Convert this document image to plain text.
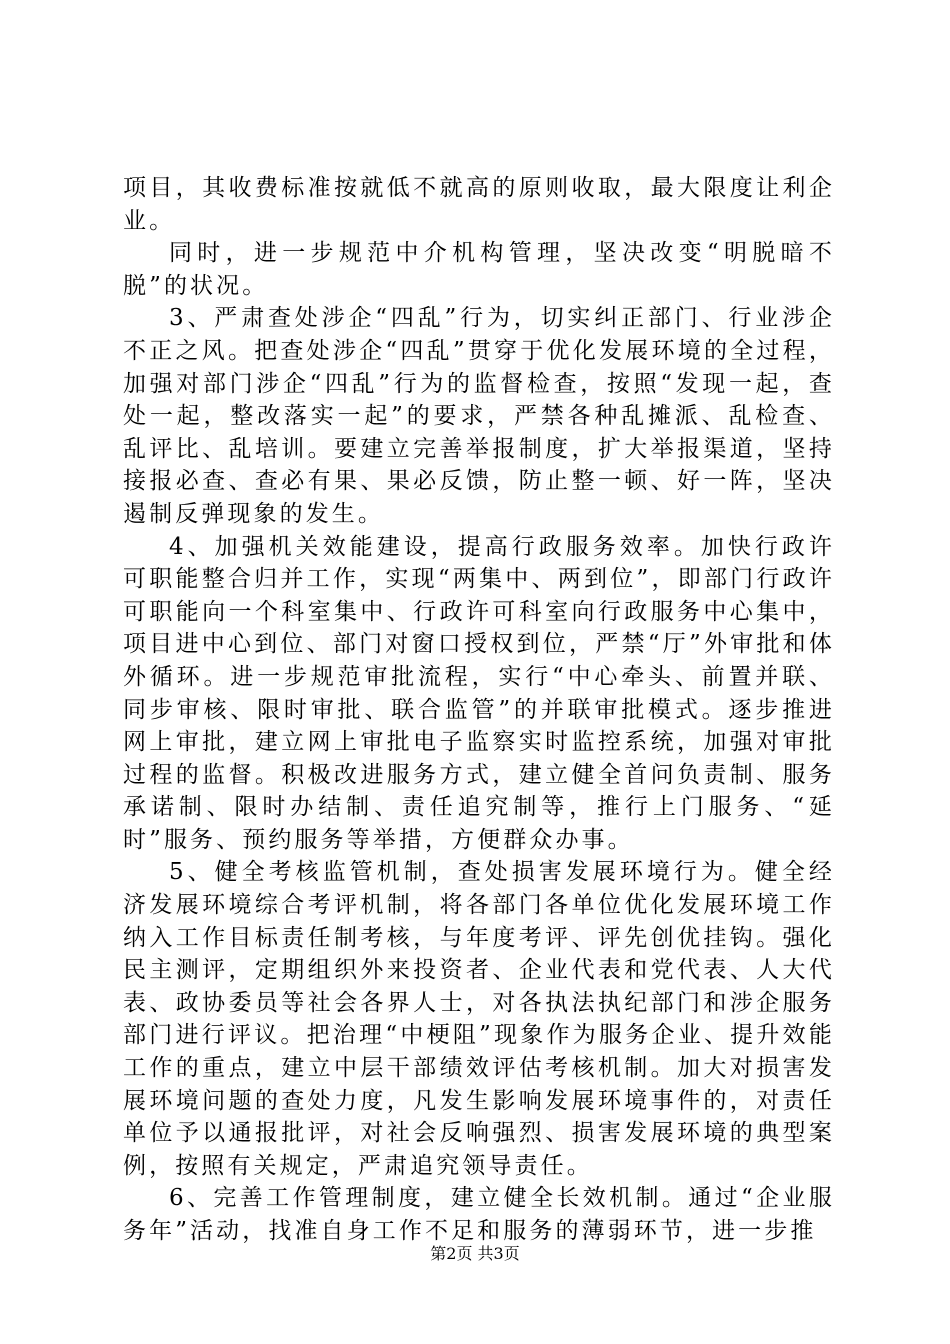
项目，其收费标准按就低不就高的原则收取，最大限度让利企业。

同时，进一步规范中介机构管理，坚决改变“明脱暗不脱”的状况。

3、严肃查处涉企“四乱”行为，切实纠正部门、行业涉企不正之风。把查处涉企“四乱”贯穿于优化发展环境的全过程，加强对部门涉企“四乱”行为的监督检查，按照“发现一起，查处一起，整改落实一起”的要求，严禁各种乱摊派、乱检查、乱评比、乱培训。要建立完善举报制度，扩大举报渠道，坚持接报必查、查必有果、果必反馈，防止整一顿、好一阵，坚决遏制反弹现象的发生。

4、加强机关效能建设，提高行政服务效率。加快行政许可职能整合归并工作，实现“两集中、两到位”，即部门行政许可职能向一个科室集中、行政许可科室向行政服务中心集中，项目进中心到位、部门对窗口授权到位，严禁“厅”外审批和体外循环。进一步规范审批流程，实行“中心牵头、前置并联、同步审核、限时审批、联合监管”的并联审批模式。逐步推进网上审批，建立网上审批电子监察实时监控系统，加强对审批过程的监督。积极改进服务方式，建立健全首问负责制、服务承诺制、限时办结制、责任追究制等，推行上门服务、“延时”服务、预约服务等举措，方便群众办事。

5、健全考核监管机制，查处损害发展环境行为。健全经济发展环境综合考评机制，将各部门各单位优化发展环境工作纳入工作目标责任制考核，与年度考评、评先创优挂钩。强化民主测评，定期组织外来投资者、企业代表和党代表、人大代表、政协委员等社会各界人士，对各执法执纪部门和涉企服务部门进行评议。把治理“中梗阻”现象作为服务企业、提升效能工作的重点，建立中层干部绩效评估考核机制。加大对损害发展环境问题的查处力度，凡发生影响发展环境事件的，对责任单位予以通报批评，对社会反响强烈、损害发展环境的典型案例，按照有关规定，严肃追究领导责任。

6、完善工作管理制度，建立健全长效机制。通过“企业服务年”活动，找准自身工作不足和服务的薄弱环节，进一步推

第2页 共3页
